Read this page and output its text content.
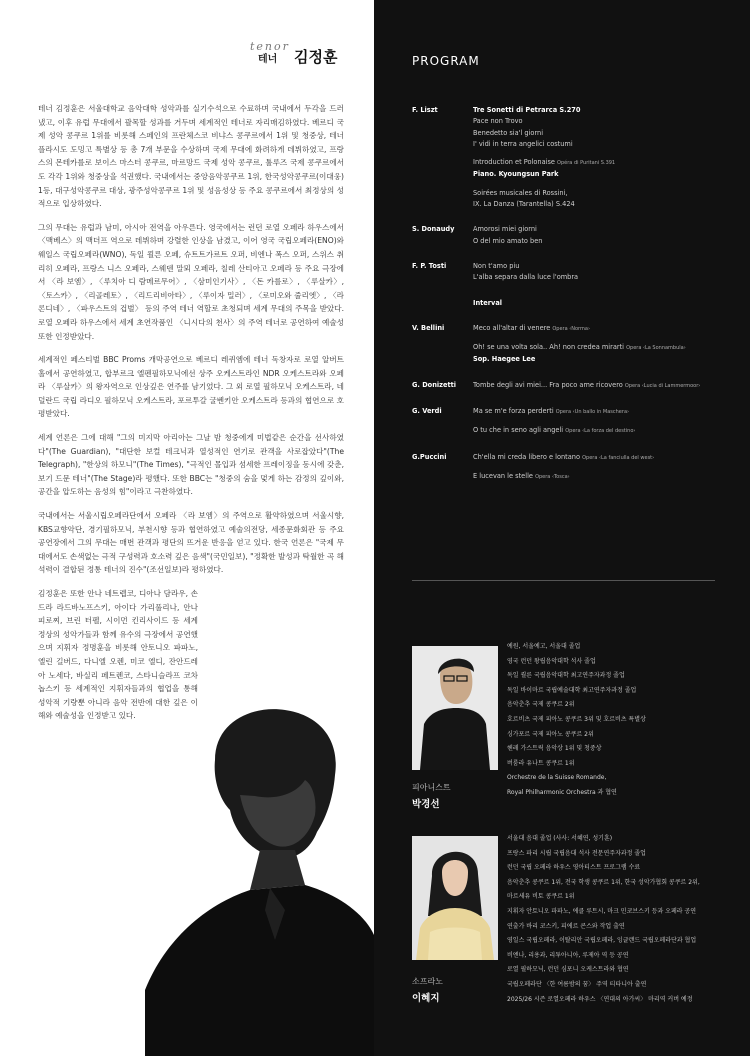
tenor
테너 김정훈

테너 김정훈은 서울대학교 음악대학 성악과를 실기수석으로 수료하며 국내에서 두각을 드러냈고, 이후 유럽 무대에서 괄목할 성과를 거두며 세계적인 테너로 자리매김하였다. 베르디 국제 성악 콩쿠르 1위를 비롯해 스페인의 프란체스코 비냐스 콩쿠르에서 1위 및 청중상, 테너 플라시도 도밍고 특별상 등 총 7개 부문을 수상하며 국제 무대에 화려하게 데뷔하였고, 프랑스의 몬테카를로 보이스 마스터 콩쿠르, 마르망드 국제 성악 콩쿠르, 툴루즈 국제 콩쿠르에서도 각각 1위와 청중상을 석권했다. 국내에서는 중앙음악콩쿠르 1위, 한국성악콩쿠르(이대웅) 1등, 대구성악콩쿠르 대상, 광주성악콩쿠르 1위 및 성음성상 등 주요 콩쿠르에서 최정상의 성적으로 입상하였다.

그의 무대는 유럽과 남미, 아시아 전역을 아우른다. 영국에서는 런던 로열 오페라 하우스에서 〈맥베스〉의 맥더프 역으로 데뷔하며 강렬한 인상을 남겼고, 이어 영국 국립오페라(ENO)와 웨일스 국립오페라(WNO), 독일 쾰른 오페, 슈트트가르트 오퍼, 비엔나 폭스 오퍼, 스위스 취리히 오페라, 프랑스 니스 오페라, 스웨덴 말뫼 오페라, 칠레 산티아고 오페라 등 주요 극장에서 〈라 보엠〉, 〈루치아 디 람메르무어〉, 〈삼미인기사〉, 〈돈 카를로〉, 〈루살카〉, 〈토스카〉, 〈리골레토〉, 〈리드리비아타〉, 〈루이자 밀러〉, 〈로미오와 줄리엣〉, 〈라 론디네〉, 〈파우스트의 겁벌〉 등의 주역 테너 역할로 초청되며 세계 무대의 주목을 받았다. 로열 오페라 하우스에서 세계 초연작품인 〈니시다의 천사〉의 주역 테너로 공연하여 예술성 또한 인정받았다.

세계적인 페스티벌 BBC Proms 개막공연으로 베르디 레퀴엠에 테너 독창자로 로열 알버트 홀에서 공연하였고, 합부르크 엘펜필하모닉에선 상주 오케스트라인 NDR 오케스트라와 오페라 〈루살카〉의 왕자역으로 인상깊은 연주를 남기었다. 그 외 로열 필하모닉 오케스트라, 네덜란드 국립 라디오 필하모닉 오케스트라, 포르투갈 굴벤키안 오케스트라 등과의 협연으로 호평받았다.

세계 언론은 그에 대해 "그의 미지막 아리아는 그날 밤 청중에게 미법같은 순간을 선사하였다"(The Guardian), "대단한 보컬 테크닉과 열성적인 연기로 관객을 사로잡았다"(The Telegraph), "한상의 하모니"(The Times), "극적인 몰입과 섬세한 프레이징을 동시에 갖춘, 보기 드문 테너"(The Stage)라 평했다. 또한 BBC는 "청중의 숨을 멎게 하는 감정의 깊이와, 공간을 압도하는 음성의 힘"이라고 극찬하였다.

국내에서는 서울시립오페라단에서 오페라 〈라 보엠〉의 주역으로 활약하였으며 서울시향, KBS교향악단, 경기필하모닉, 부천시향 등과 협연하였고 예술의전당, 세종문화회관 등 주요 공연장에서 그의 무대는 매번 관객과 평단의 뜨거운 반응을 얻고 있다. 한국 언론은 "국제 무대에서도 손색없는 극적 구성력과 호소력 깊은 음색"(국민일보), "정확한 발성과 탁월한 곡 해석력이 결합된 정통 테너의 진수"(조선일보)라 평하였다.

김정훈은 또한 안나 네트렙코, 디아나 담라우, 손드라 라드바노프스키, 아이다 가리풀리나, 안나 피로찌, 브린 터펠, 시이먼 킨리사이드 등 세계 정상의 성악가들과 함께 유수의 극장에서 공연했으며 지휘자 정명훈을 비롯해 안토니오 파파노, 엘린 길버드, 다니엘 오렌, 미코 엘디, 잔안드레아 노세다, 바실리 페트렌코, 스타니슬라프 코차놉스키 등 세계적인 지휘자들과의 협업을 통해 성악적 기량뿐 아니라 음악 전반에 대한 깊은 이해와 예술성을 인정받고 있다.

PROGRAM
F. Liszt	Tre Sonetti di Petrarca S.270
Pace non Trovo
Benedetto sia'l giorni
I' vidi in terra angelici costumi
Introduction et Polonaise Opéra di Puritani S.391
Piano. Kyoungsun Park
Soirées musicales di Rossini,
IX. La Danza (Tarantella) S.424
S. Donaudy	Amorosi miei giorni
O del mio amato ben
F. P. Tosti	Non t'amo piu
L'alba separa dalla luce l'ombra
Interval
V. Bellini	Meco all'altar di venere Opera ‹Norma›
Oh! se una volta sola.. Ah! non credea mirarti Opera ‹La Sonnambula›
Sop. Haegee Lee
G. Donizetti	Tombe degli avi miei... Fra poco ame ricovero Opera ‹Lucia di Lammermoor›
G. Verdi	Ma se m'e forza perderti Opera ‹Un ballo in Maschera›
O tu che in seno agli angeli Opera ‹La forza del destino›
G.Puccini	Ch'ella mi creda libero e lontano Opera ‹La fanciulla del west›
E lucevan le stelle Opera ‹Tosca›
피아니스트
박경선
예원, 서울예고, 서울대 졸업
영국 런던 왕립음악대학 석사 졸업
독일 쾰른 국립음악대학 최고연주자과정 졸업
독일 바이마르 국립예술대학 최고연주자과정 졸업
음악춘추 국제 콩쿠르 2위
호르비츠 국제 피아노 콩쿠르 3위 및 호르비츠 특별상
싱가포르 국제 피아노 콩쿠르 2위
헨레 가스트릭 음악상 1위 및 청중상
버룸라 유나트 콩쿠르 1위
Orchestre de la Suisse Romande,
Royal Philharmonic Orchestra 과 협연
소프라노
이혜지
서울대 음대 졸업 (사사: 서혜연, 성기훈)
프랑스 파리 시립 국립음대 석사 전문연주자과정 졸업
런던 국립 오페라 하우스 영아티스트 프로그램 수료
음악춘추 콩쿠르 1위, 전국 학생 콩쿠르 1위, 한국 성악가협회 콩쿠르 2위,
마르세유 비토 콩쿠르 1위
지휘자 안토니오 파파노, 에클 루트시, 마크 민코브스키 등과 오페라 공연
연출가 바리 코스키, 피에르 콘스와 작업 출연
영일스 국립오페라, 이탈리안 국립오페라, 잉글랜드 국립오페라단과 협업
비엔나, 리용과, 리투아니아, 루제아 역 등 공연
로열 필하모닉, 런던 심포니 오케스트라와 협연
국립오페라단 〈한 여름밤의 꿈〉 주역 티타니아 출연
2025/26 시즌 로열오페라 하우스 〈연대의 아가씨〉 마리역 커버 예정
